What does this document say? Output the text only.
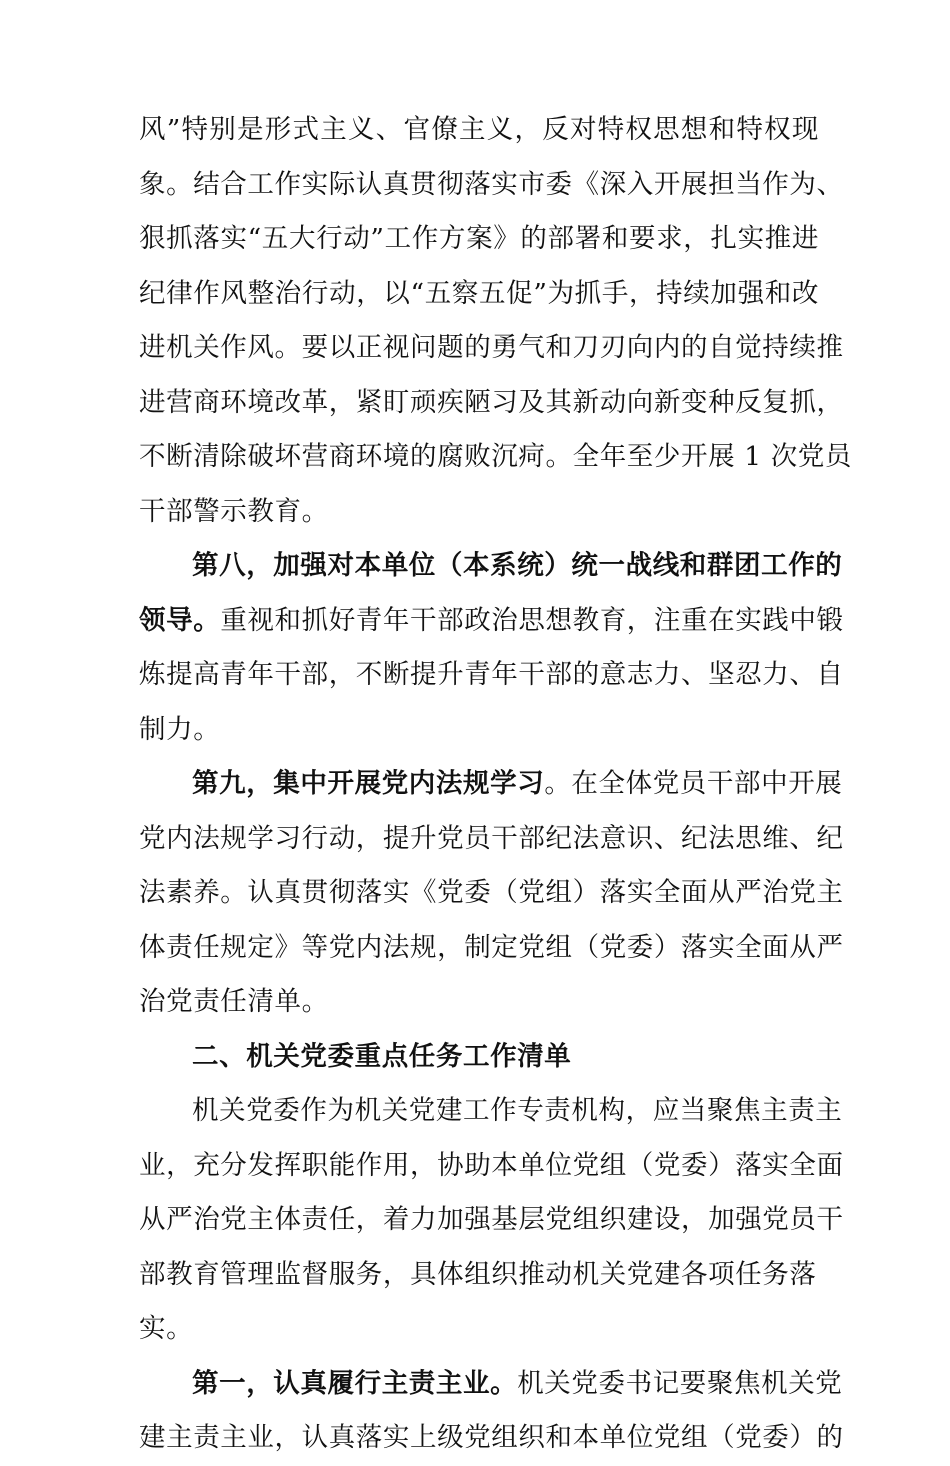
风”特别是形式主义、官僚主义，反对特权思想和特权现
象。结合工作实际认真贯彻落实市委《深入开展担当作为、
狠抓落实“五大行动”工作方案》的部署和要求，扎实推进
纪律作风整治行动，以“五察五促”为抓手，持续加强和改
进机关作风。要以正视问题的勇气和刀刃向内的自觉持续推
进营商环境改革，紧盯顽疾陋习及其新动向新变种反复抓，
不断清除破坏营商环境的腐败沉疴。全年至少开展 1 次党员
干部警示教育。
第八，加强对本单位（本系统）统一战线和群团工作的
领导。重视和抓好青年干部政治思想教育，注重在实践中锻
炼提高青年干部，不断提升青年干部的意志力、坚忍力、自
制力。
第九，集中开展党内法规学习。在全体党员干部中开展
党内法规学习行动，提升党员干部纪法意识、纪法思维、纪
法素养。认真贯彻落实《党委（党组）落实全面从严治党主
体责任规定》等党内法规，制定党组（党委）落实全面从严
治党责任清单。
二、机关党委重点任务工作清单
机关党委作为机关党建工作专责机构，应当聚焦主责主
业，充分发挥职能作用，协助本单位党组（党委）落实全面
从严治党主体责任，着力加强基层党组织建设，加强党员干
部教育管理监督服务，具体组织推动机关党建各项任务落
实。
第一，认真履行主责主业。机关党委书记要聚焦机关党
建主责主业，认真落实上级党组织和本单位党组（党委）的
